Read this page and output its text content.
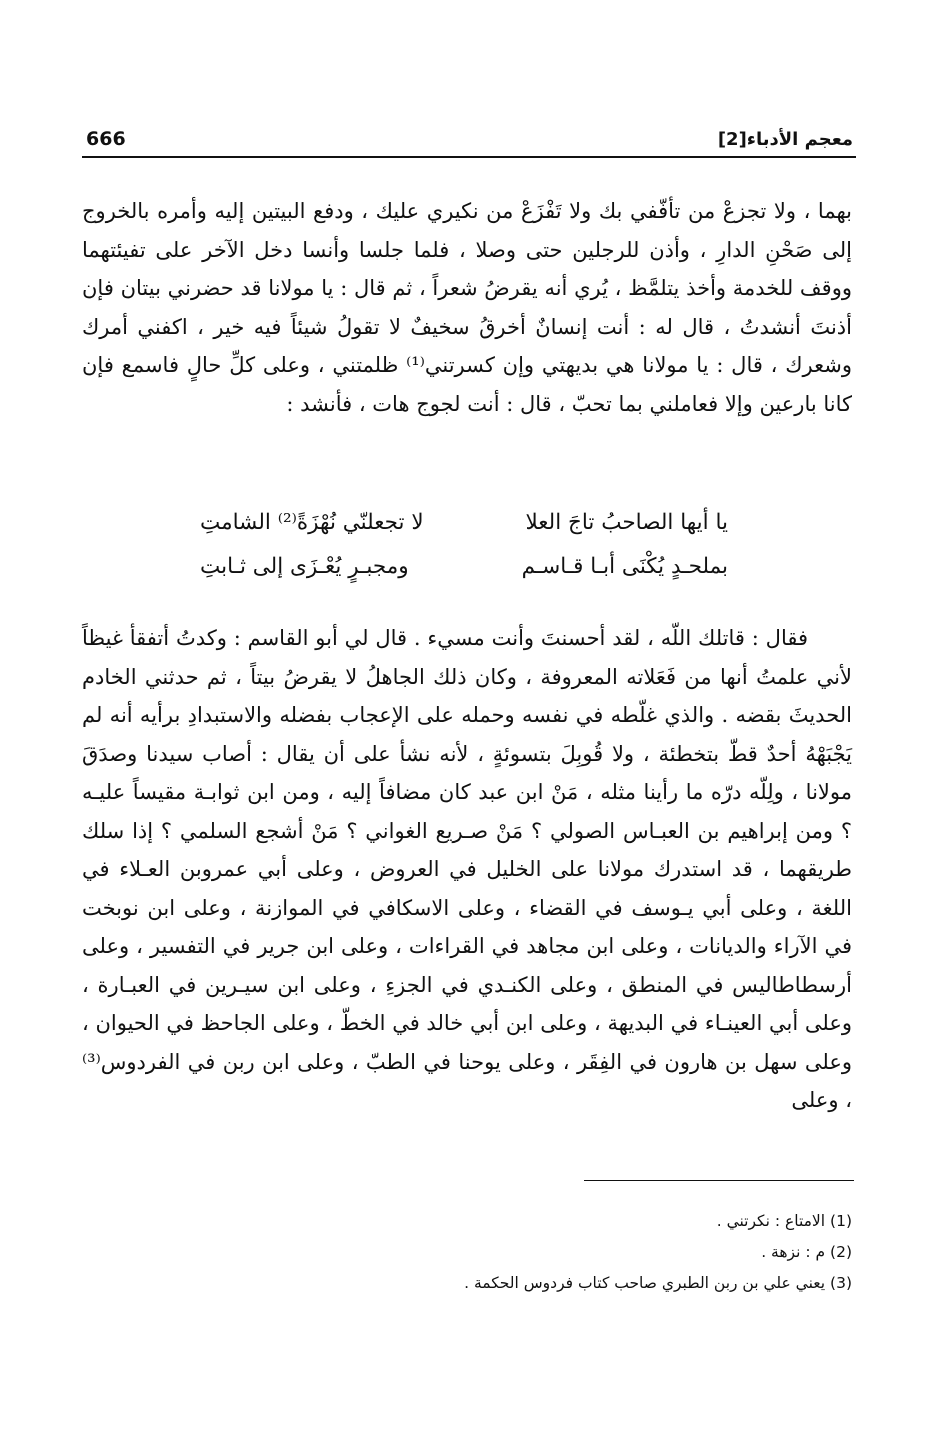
معجم الأدباء[2]
666

بهما ، ولا تجزعْ من تأفّفي بك ولا تَفْزَعْ من نكيري عليك ، ودفع البيتين إليه وأمره بالخروج إلى صَحْنِ الدارِ ، وأذن للرجلين حتى وصلا ، فلما جلسا وأنسا دخل الآخر على تفيئتهما ووقف للخدمة وأخذ يتلمَّظ ، يُري أنه يقرضُ شعراً ، ثم قال : يا مولانا قد حضرني بيتان فإن أذنتَ أنشدتُ ، قال له : أنت إنسانٌ أخرقُ سخيفٌ لا تقولُ شيئاً فيه خير ، اكفني أمرك وشعرك ، قال : يا مولانا هي بديهتي وإن كسرتني⁽¹⁾ ظلمتني ، وعلى كلِّ حالٍ فاسمع فإن كانا بارعين وإلا فعاملني بما تحبّ ، قال : أنت لجوج هات ، فأنشد :

يا أيها الصاحبُ تاجَ العلا
لا تجعلنّي نُهْزَةً⁽²⁾ الشامتِ
بملحـدٍ يُكْنَى أبـا قـاسـم
ومجبـرٍ يُعْـزَى إلى ثـابتِ

فقال : قاتلك اللّه ، لقد أحسنتَ وأنت مسيء . قال لي أبو القاسم : وكدتُ أتفقأ غيظاً لأني علمتُ أنها من فَعَلاته المعروفة ، وكان ذلك الجاهلُ لا يقرضُ بيتاً ، ثم حدثني الخادم الحديثَ بقضه . والذي غلّطه في نفسه وحمله على الإعجاب بفضله والاستبدادِ برأيه أنه لم يَجْبَهْهُ أحدٌ قطّ بتخطئة ، ولا قُوبِلَ بتسوئةٍ ، لأنه نشأ على أن يقال : أصاب سيدنا وصدَقَ مولانا ، ولِلّه درّه ما رأينا مثله ، مَنْ ابن عبد كان مضافاً إليه ، ومن ابن ثوابـة مقيساً عليـه ؟ ومن إبراهيم بن العبـاس الصولي ؟ مَنْ صـريع الغواني ؟ مَنْ أشجع السلمي ؟ إذا سلك طريقهما ، قد استدرك مولانا على الخليل في العروض ، وعلى أبي عمروبن العـلاء في اللغة ، وعلى أبي يـوسف في القضاء ، وعلى الاسكافي في الموازنة ، وعلى ابن نوبخت في الآراء والديانات ، وعلى ابن مجاهد في القراءات ، وعلى ابن جرير في التفسير ، وعلى أرسطاطاليس في المنطق ، وعلى الكنـدي في الجزءِ ، وعلى ابن سيـرين في العبـارة ، وعلى أبي العينـاء في البديهة ، وعلى ابن أبي خالد في الخطّ ، وعلى الجاحظ في الحيوان ، وعلى سهل بن هارون في الفِقَر ، وعلى يوحنا في الطبّ ، وعلى ابن ربن في الفردوس⁽³⁾ ، وعلى

(1) الامتاع : نكرتني .
(2) م : نزهة .
(3) يعني علي بن ربن الطبري صاحب كتاب فردوس الحكمة .
